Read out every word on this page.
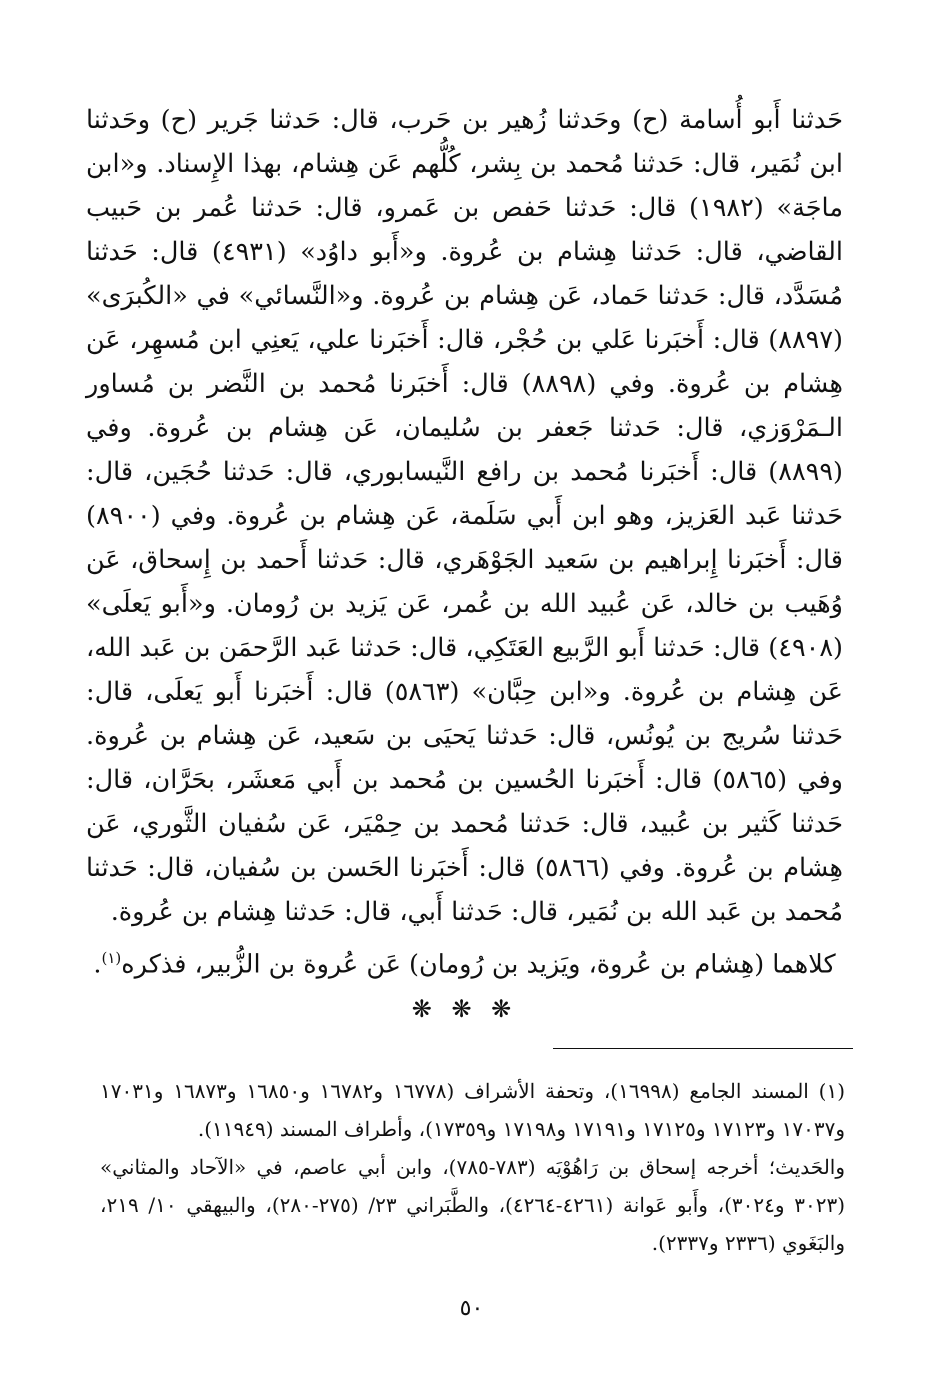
حَدثنا أَبو أُسامة (ح) وحَدثنا زُهير بن حَرب، قال: حَدثنا جَرير (ح) وحَدثنا ابن نُمَير، قال: حَدثنا مُحمد بن بِشر، كُلُّهم عَن هِشام، بهذا الإِسناد. و«ابن ماجَة» (١٩٨٢) قال: حَدثنا حَفص بن عَمرو، قال: حَدثنا عُمر بن حَبيب القاضي، قال: حَدثنا هِشام بن عُروة. و«أَبو داوُد» (٤٩٣١) قال: حَدثنا مُسَدَّد، قال: حَدثنا حَماد، عَن هِشام بن عُروة. و«النَّسائي» في «الكُبرَى» (٨٨٩٧) قال: أَخبَرنا عَلي بن حُجْر، قال: أَخبَرنا علي، يَعنِي ابن مُسهِر، عَن هِشام بن عُروة. وفي (٨٨٩٨) قال: أَخبَرنا مُحمد بن النَّضر بن مُساور الـمَرْوَزي، قال: حَدثنا جَعفر بن سُليمان، عَن هِشام بن عُروة. وفي (٨٨٩٩) قال: أَخبَرنا مُحمد بن رافع النَّيسابوري، قال: حَدثنا حُجَين، قال: حَدثنا عَبد العَزيز، وهو ابن أَبي سَلَمة، عَن هِشام بن عُروة. وفي (٨٩٠٠) قال: أَخبَرنا إِبراهيم بن سَعيد الجَوْهَري، قال: حَدثنا أَحمد بن إِسحاق، عَن وُهَيب بن خالد، عَن عُبيد الله بن عُمر، عَن يَزيد بن رُومان. و«أَبو يَعلَى» (٤٩٠٨) قال: حَدثنا أَبو الرَّبيع العَتَكِي، قال: حَدثنا عَبد الرَّحمَن بن عَبد الله، عَن هِشام بن عُروة. و«ابن حِبَّان» (٥٨٦٣) قال: أَخبَرنا أَبو يَعلَى، قال: حَدثنا سُريج بن يُونُس، قال: حَدثنا يَحيَى بن سَعيد، عَن هِشام بن عُروة. وفي (٥٨٦٥) قال: أَخبَرنا الحُسين بن مُحمد بن أَبي مَعشَر، بحَرَّان، قال: حَدثنا كَثير بن عُبيد، قال: حَدثنا مُحمد بن حِمْيَر، عَن سُفيان الثَّوري، عَن هِشام بن عُروة. وفي (٥٨٦٦) قال: أَخبَرنا الحَسن بن سُفيان، قال: حَدثنا مُحمد بن عَبد الله بن نُمَير، قال: حَدثنا أَبي، قال: حَدثنا هِشام بن عُروة.

كلاهما (هِشام بن عُروة، ويَزيد بن رُومان) عَن عُروة بن الزُّبير، فذكره$^{(١)}$.

❋ ❋ ❋

(١) المسند الجامع (١٦٩٩٨)، وتحفة الأشراف (١٦٧٧٨ و١٦٧٨٢ و١٦٨٥٠ و١٦٨٧٣ و١٧٠٣١ و١٧٠٣٧ و١٧١٢٣ و١٧١٢٥ و١٧١٩١ و١٧١٩٨ و١٧٣٥٩)، وأطراف المسند (١١٩٤٩).

والحَديث؛ أخرجه إسحاق بن رَاهُوْيَه (٧٨٣-٧٨٥)، وابن أبي عاصم، في «الآحاد والمثاني» (٣٠٢٣ و٣٠٢٤)، وأَبو عَوانة (٤٢٦١-٤٢٦٤)، والطَّبَراني ٢٣/ (٢٧٥-٢٨٠)، والبيهقي ١٠/ ٢١٩، والبَغَوي (٢٣٣٦ و٢٣٣٧).

٥٠
